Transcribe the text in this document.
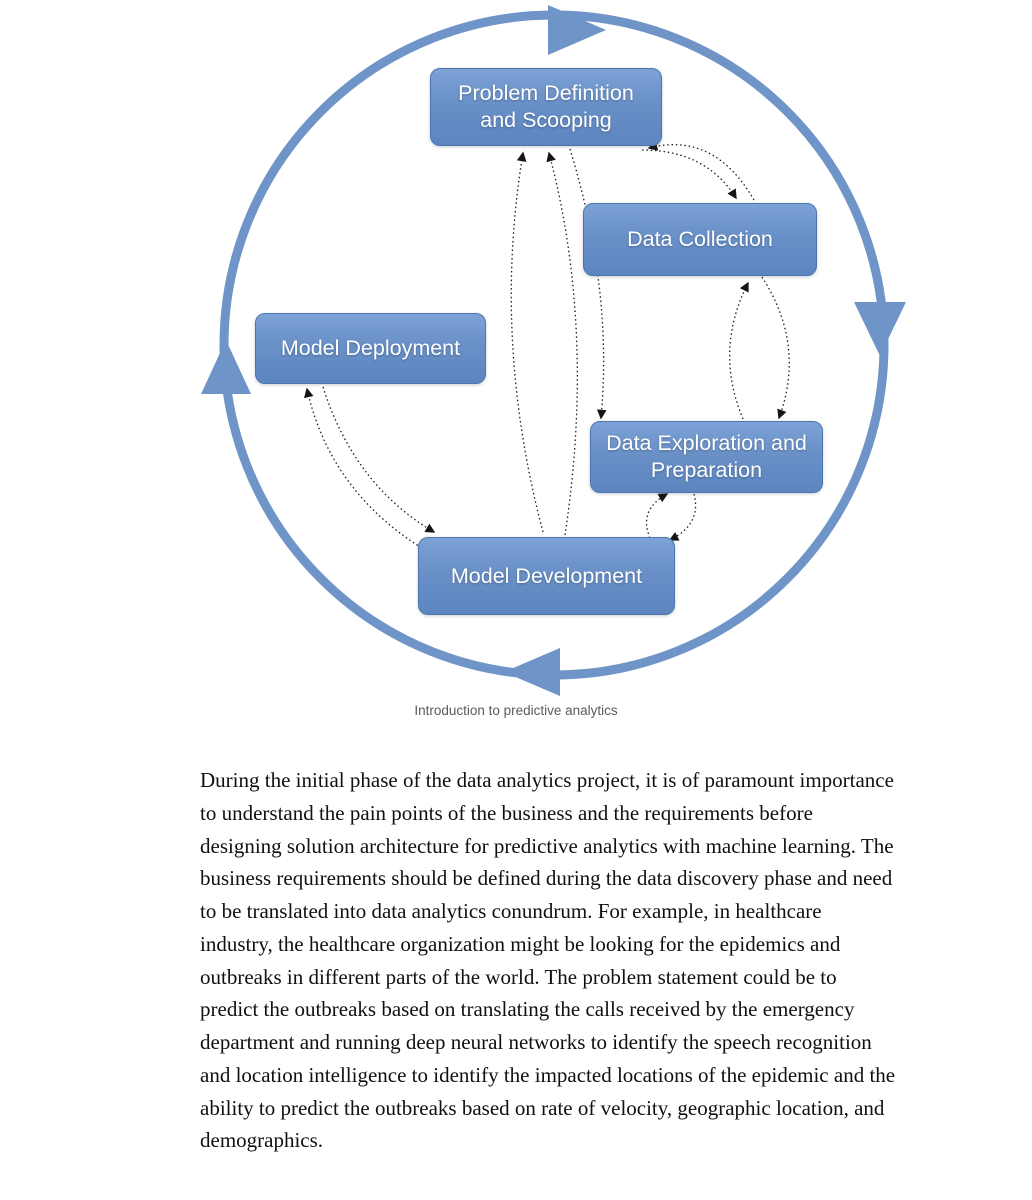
Problem Definition and Scooping
Data Collection
Model Deployment
Data Exploration and Preparation
Model Development
Introduction to predictive analytics
During the initial phase of the data analytics project, it is of paramount importance to understand the pain points of the business and the requirements before designing solution architecture for predictive analytics with machine learning. The business requirements should be defined during the data discovery phase and need to be translated into data analytics conundrum. For example, in healthcare industry, the healthcare organization might be looking for the epidemics and outbreaks in different parts of the world. The problem statement could be to predict the outbreaks based on translating the calls received by the emergency department and running deep neural networks to identify the speech recognition and location intelligence to identify the impacted locations of the epidemic and the ability to predict the outbreaks based on rate of velocity, geographic location, and demographics.
